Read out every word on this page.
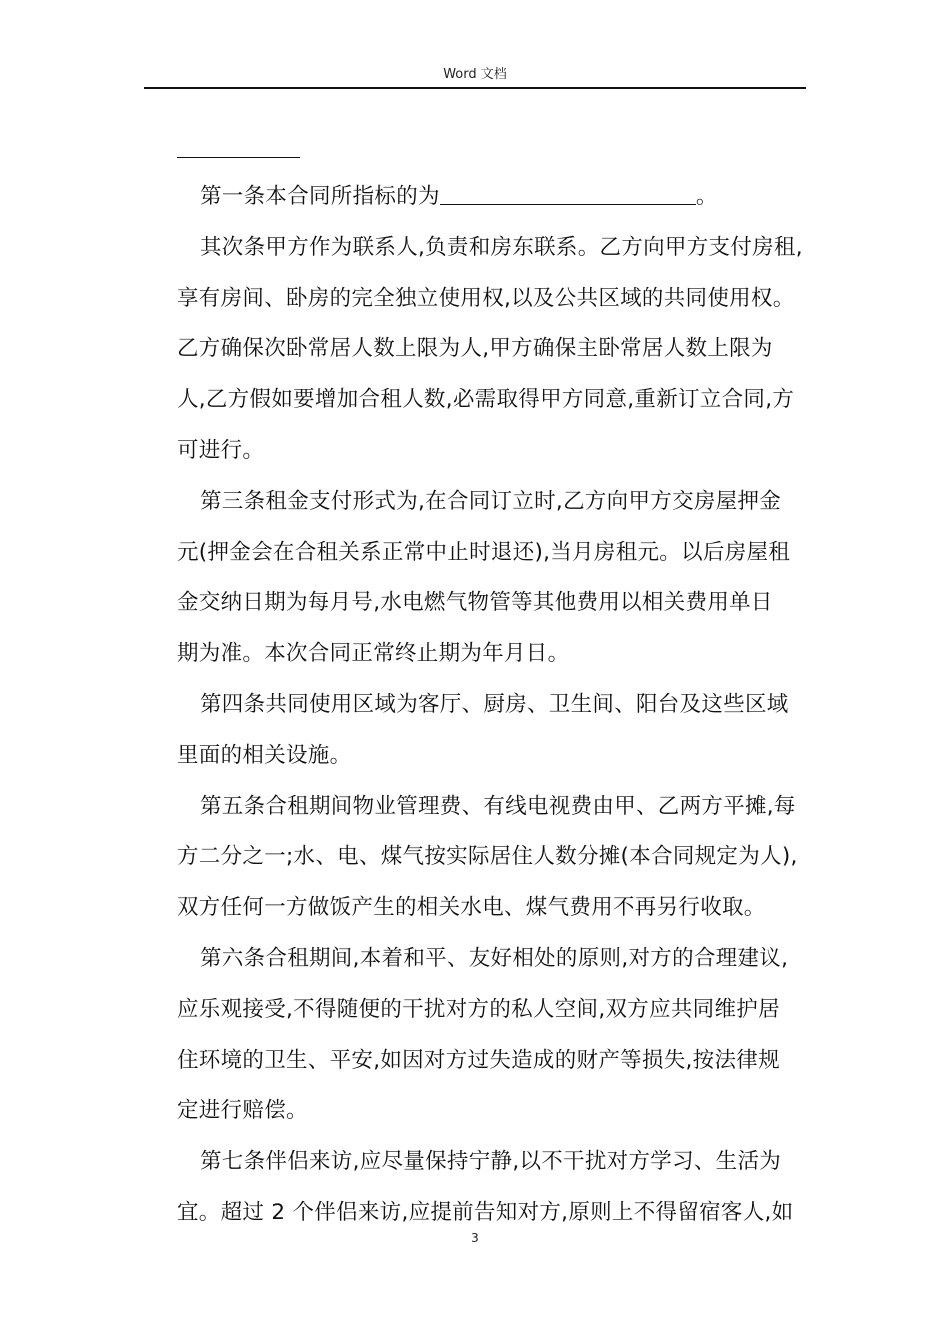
Word 文档
第一条本合同所指标的为	。
其次条甲方作为联系人,负责和房东联系。乙方向甲方支付房租,
享有房间、卧房的完全独立使用权,以及公共区域的共同使用权。
乙方确保次卧常居人数上限为人,甲方确保主卧常居人数上限为
人,乙方假如要增加合租人数,必需取得甲方同意,重新订立合同,方
可进行。
第三条租金支付形式为,在合同订立时,乙方向甲方交房屋押金
元(押金会在合租关系正常中止时退还),当月房租元。以后房屋租
金交纳日期为每月号,水电燃气物管等其他费用以相关费用单日
期为准。本次合同正常终止期为年月日。
第四条共同使用区域为客厅、厨房、卫生间、阳台及这些区域
里面的相关设施。
第五条合租期间物业管理费、有线电视费由甲、乙两方平摊,每
方二分之一;水、电、煤气按实际居住人数分摊(本合同规定为人),
双方任何一方做饭产生的相关水电、煤气费用不再另行收取。
第六条合租期间,本着和平、友好相处的原则,对方的合理建议,
应乐观接受,不得随便的干扰对方的私人空间,双方应共同维护居
住环境的卫生、平安,如因对方过失造成的财产等损失,按法律规
定进行赔偿。
第七条伴侣来访,应尽量保持宁静,以不干扰对方学习、生活为
宜。超过 2 个伴侣来访,应提前告知对方,原则上不得留宿客人,如
3
